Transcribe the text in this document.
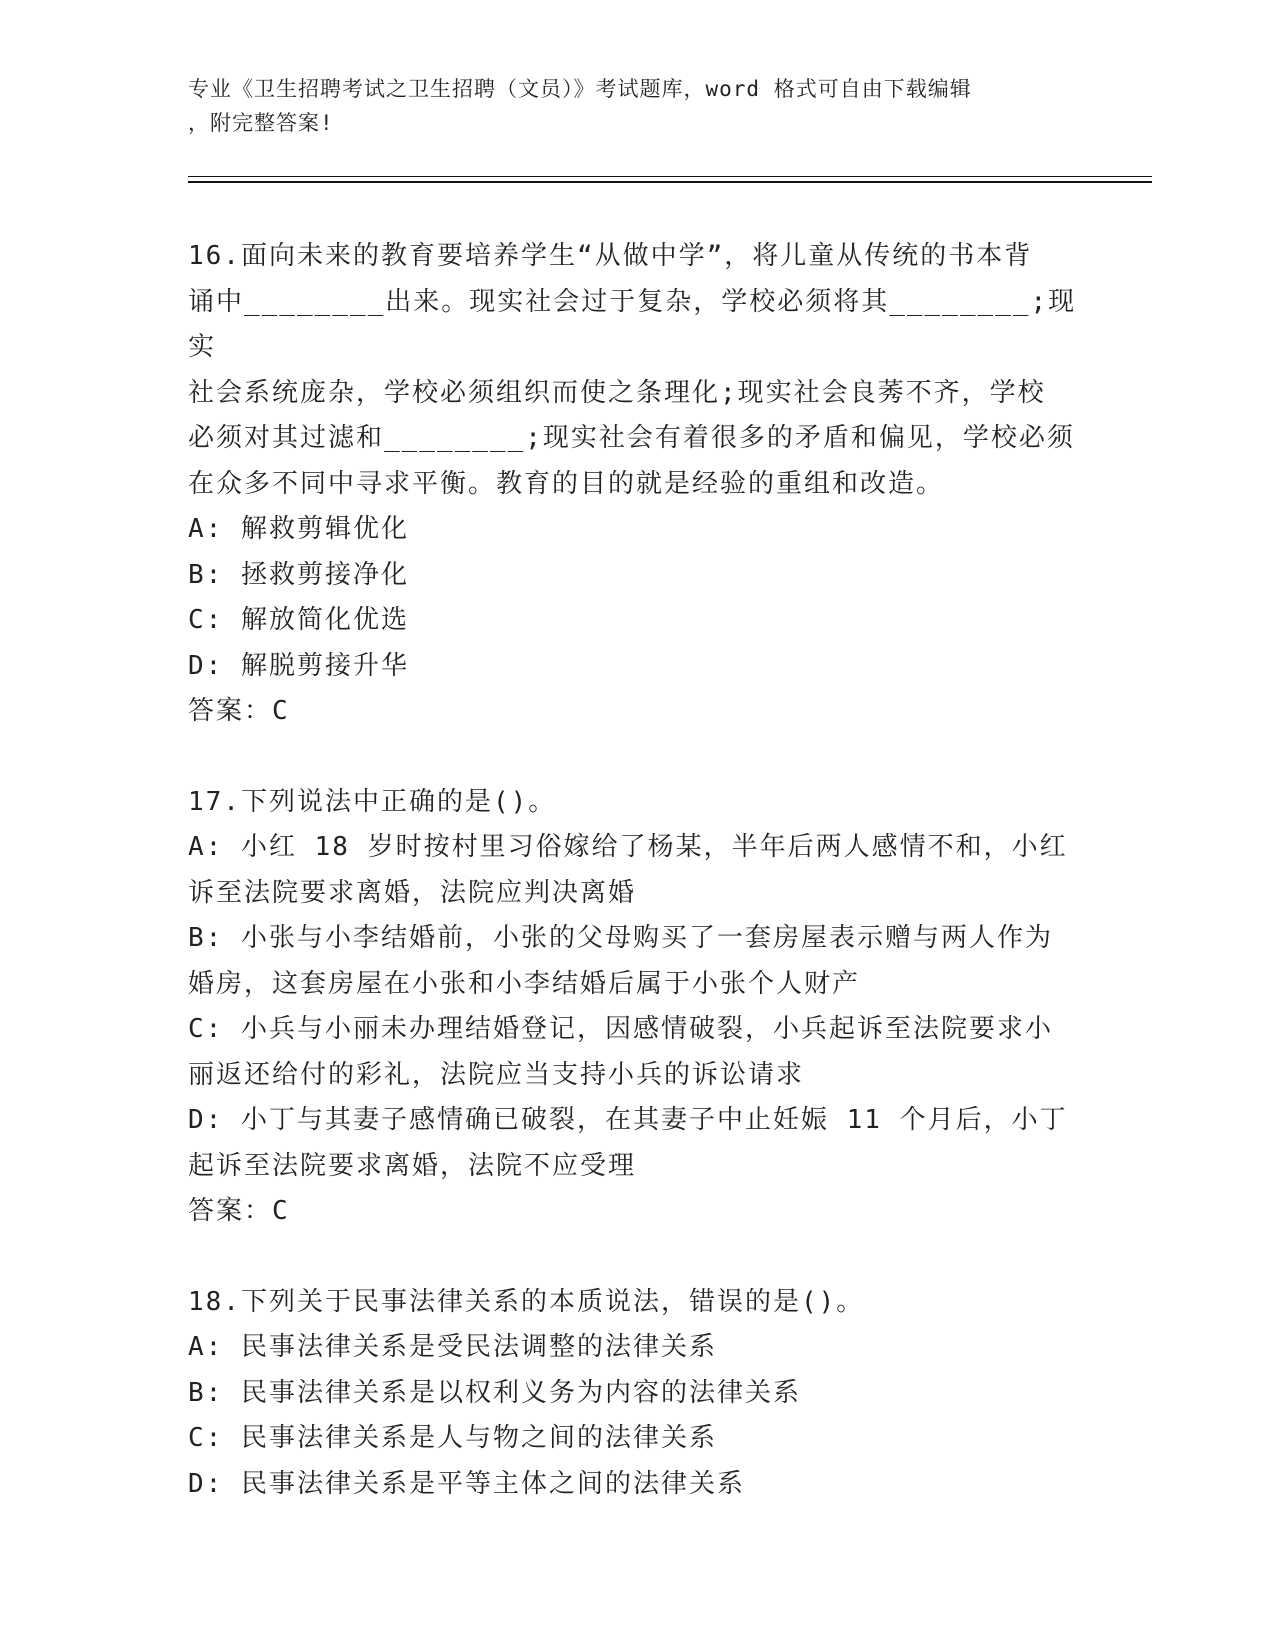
专业《卫生招聘考试之卫生招聘（文员）》考试题库，word 格式可自由下载编辑
，附完整答案!
16.面向未来的教育要培养学生“从做中学”，将儿童从传统的书本背
诵中________出来。现实社会过于复杂，学校必须将其________;现实
社会系统庞杂，学校必须组织而使之条理化;现实社会良莠不齐，学校
必须对其过滤和________;现实社会有着很多的矛盾和偏见，学校必须
在众多不同中寻求平衡。教育的目的就是经验的重组和改造。
A: 解救剪辑优化
B: 拯救剪接净化
C: 解放简化优选
D: 解脱剪接升华
答案：C
17.下列说法中正确的是()。
A: 小红 18 岁时按村里习俗嫁给了杨某，半年后两人感情不和，小红
诉至法院要求离婚，法院应判决离婚
B: 小张与小李结婚前，小张的父母购买了一套房屋表示赠与两人作为
婚房，这套房屋在小张和小李结婚后属于小张个人财产
C: 小兵与小丽未办理结婚登记，因感情破裂，小兵起诉至法院要求小
丽返还给付的彩礼，法院应当支持小兵的诉讼请求
D: 小丁与其妻子感情确已破裂，在其妻子中止妊娠 11 个月后，小丁
起诉至法院要求离婚，法院不应受理
答案：C
18.下列关于民事法律关系的本质说法，错误的是()。
A: 民事法律关系是受民法调整的法律关系
B: 民事法律关系是以权利义务为内容的法律关系
C: 民事法律关系是人与物之间的法律关系
D: 民事法律关系是平等主体之间的法律关系
